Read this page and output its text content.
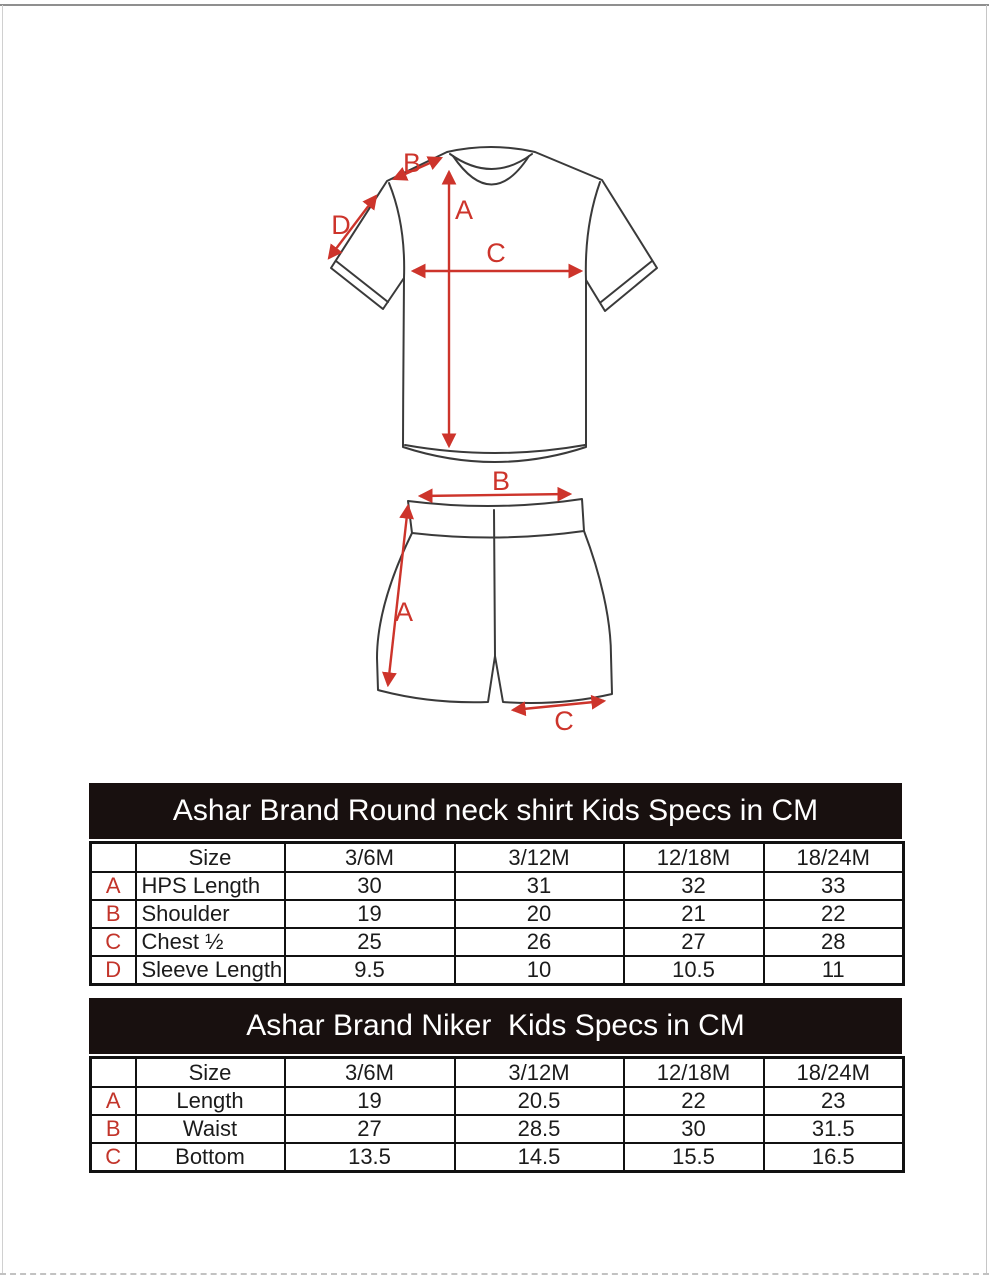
B
D	A
C
B
A
C
Ashar Brand Round neck shirt Kids Specs in CM
	Size	3/6M	3/12M	12/18M	18/24M
A	HPS Length	30	31	32	33
B	Shoulder	19	20	21	22
C	Chest ½	25	26	27	28
D	Sleeve Length	9.5	10	10.5	11
Ashar Brand Niker  Kids Specs in CM
	Size	3/6M	3/12M	12/18M	18/24M
A	Length	19	20.5	22	23
B	Waist	27	28.5	30	31.5
C	Bottom	13.5	14.5	15.5	16.5
